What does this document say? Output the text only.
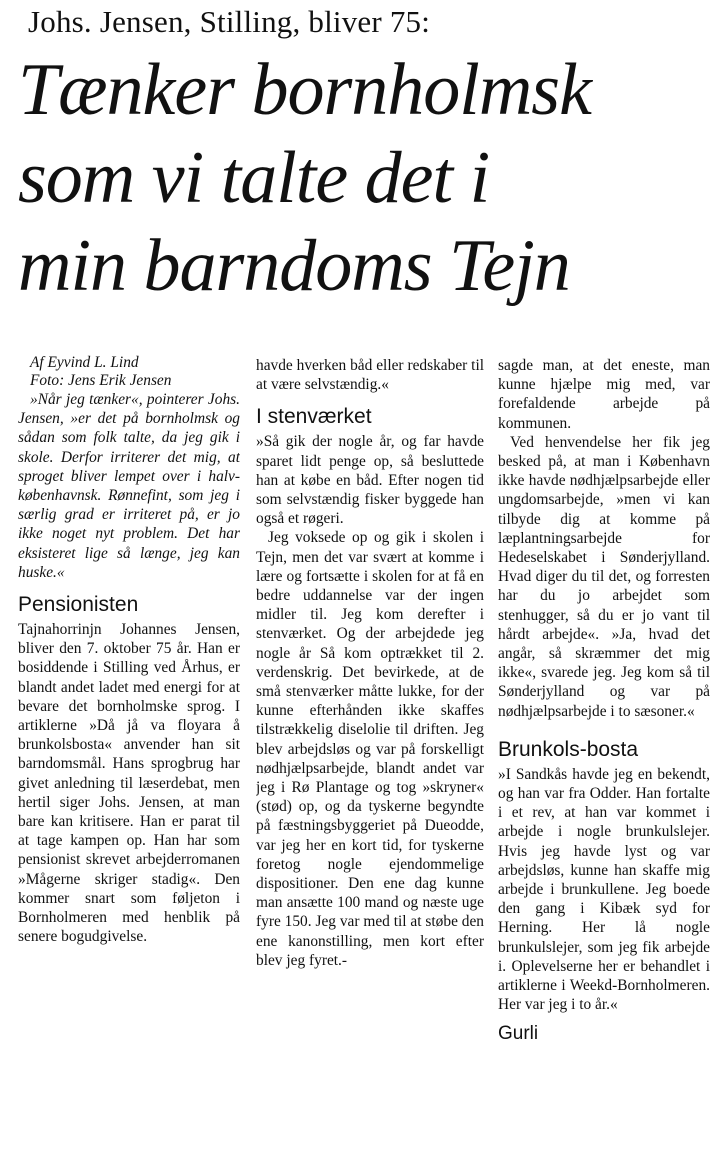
Johs. Jensen, Stilling, bliver 75:
Tænker bornholmsk
som vi talte det i
min barndoms Tejn
Af Eyvind L. Lind
Foto: Jens Erik Jensen

»Når jeg tænker«, pointerer Johs. Jensen, »er det på bornholmsk og sådan som folk talte, da jeg gik i skole. Derfor irriterer det mig, at sproget bliver lempet over i halv-københavnsk. Rønnefint, som jeg i særlig grad er irriteret på, er jo ikke noget nyt problem. Det har eksisteret lige så længe, jeg kan huske.«

Pensionisten

Tajnahorrinjn Johannes Jensen, bliver den 7. oktober 75 år. Han er bosiddende i Stilling ved Århus, er blandt andet ladet med energi for at bevare det bornholmske sprog. I artiklerne »Då jå va floyara å brunkolsbosta« anvender han sit barndomsmål. Hans sprogbrug har givet anledning til læserdebat, men hertil siger Johs. Jensen, at man bare kan kritisere. Han er parat til at tage kampen op. Han har som pensionist skrevet arbejderromanen »Mågerne skriger stadig«. Den kommer snart som føljeton i Bornholmeren med henblik på senere bogudgivelse.

havde hverken båd eller redskaber til at være selvstændig.«

I stenværket

»Så gik der nogle år, og far havde sparet lidt penge op, så besluttede han at købe en båd. Efter nogen tid som selvstændig fisker byggede han også et røgeri.

Jeg voksede op og gik i skolen i Tejn, men det var svært at komme i lære og fortsætte i skolen for at få en bedre uddannelse var der ingen midler til. Jeg kom derefter i stenværket. Og der arbejdede jeg nogle år Så kom optrækket til 2. verdenskrig. Det bevirkede, at de små stenværker måtte lukke, for der kunne efterhånden ikke skaffes tilstrækkelig diselolie til driften. Jeg blev arbejdsløs og var på forskelligt nødhjælpsarbejde, blandt andet var jeg i Rø Plantage og tog »skryner« (stød) op, og da tyskerne begyndte på fæstningsbyggeriet på Dueodde, var jeg her en kort tid, for tyskerne foretog nogle ejendommelige dispositioner. Den ene dag kunne man ansætte 100 mand og næste uge fyre 150. Jeg var med til at støbe den ene kanonstilling, men kort efter blev jeg fyret.-

sagde man, at det eneste, man kunne hjælpe mig med, var forefaldende arbejde på kommunen.

Ved henvendelse her fik jeg besked på, at man i København ikke havde nødhjælpsarbejde eller ungdomsarbejde, »men vi kan tilbyde dig at komme på læplantningsarbejde for Hedeselskabet i Sønderjylland. Hvad diger du til det, og forresten har du jo arbejdet som stenhugger, så du er jo vant til hårdt arbejde«. »Ja, hvad det angår, så skræmmer det mig ikke«, svarede jeg. Jeg kom så til Sønderjylland og var på nødhjælpsarbejde i to sæsoner.«

Brunkols-bosta

»I Sandkås havde jeg en bekendt, og han var fra Odder. Han fortalte i et rev, at han var kommet i arbejde i nogle brunkulslejer. Hvis jeg havde lyst og var arbejdsløs, kunne han skaffe mig arbejde i brunkullene. Jeg boede den gang i Kibæk syd for Herning. Her lå nogle brunkulslejer, som jeg fik arbejde i. Oplevelserne her er behandlet i artiklerne i Weekd-Bornholmeren. Her var jeg i to år.«

Gurli
